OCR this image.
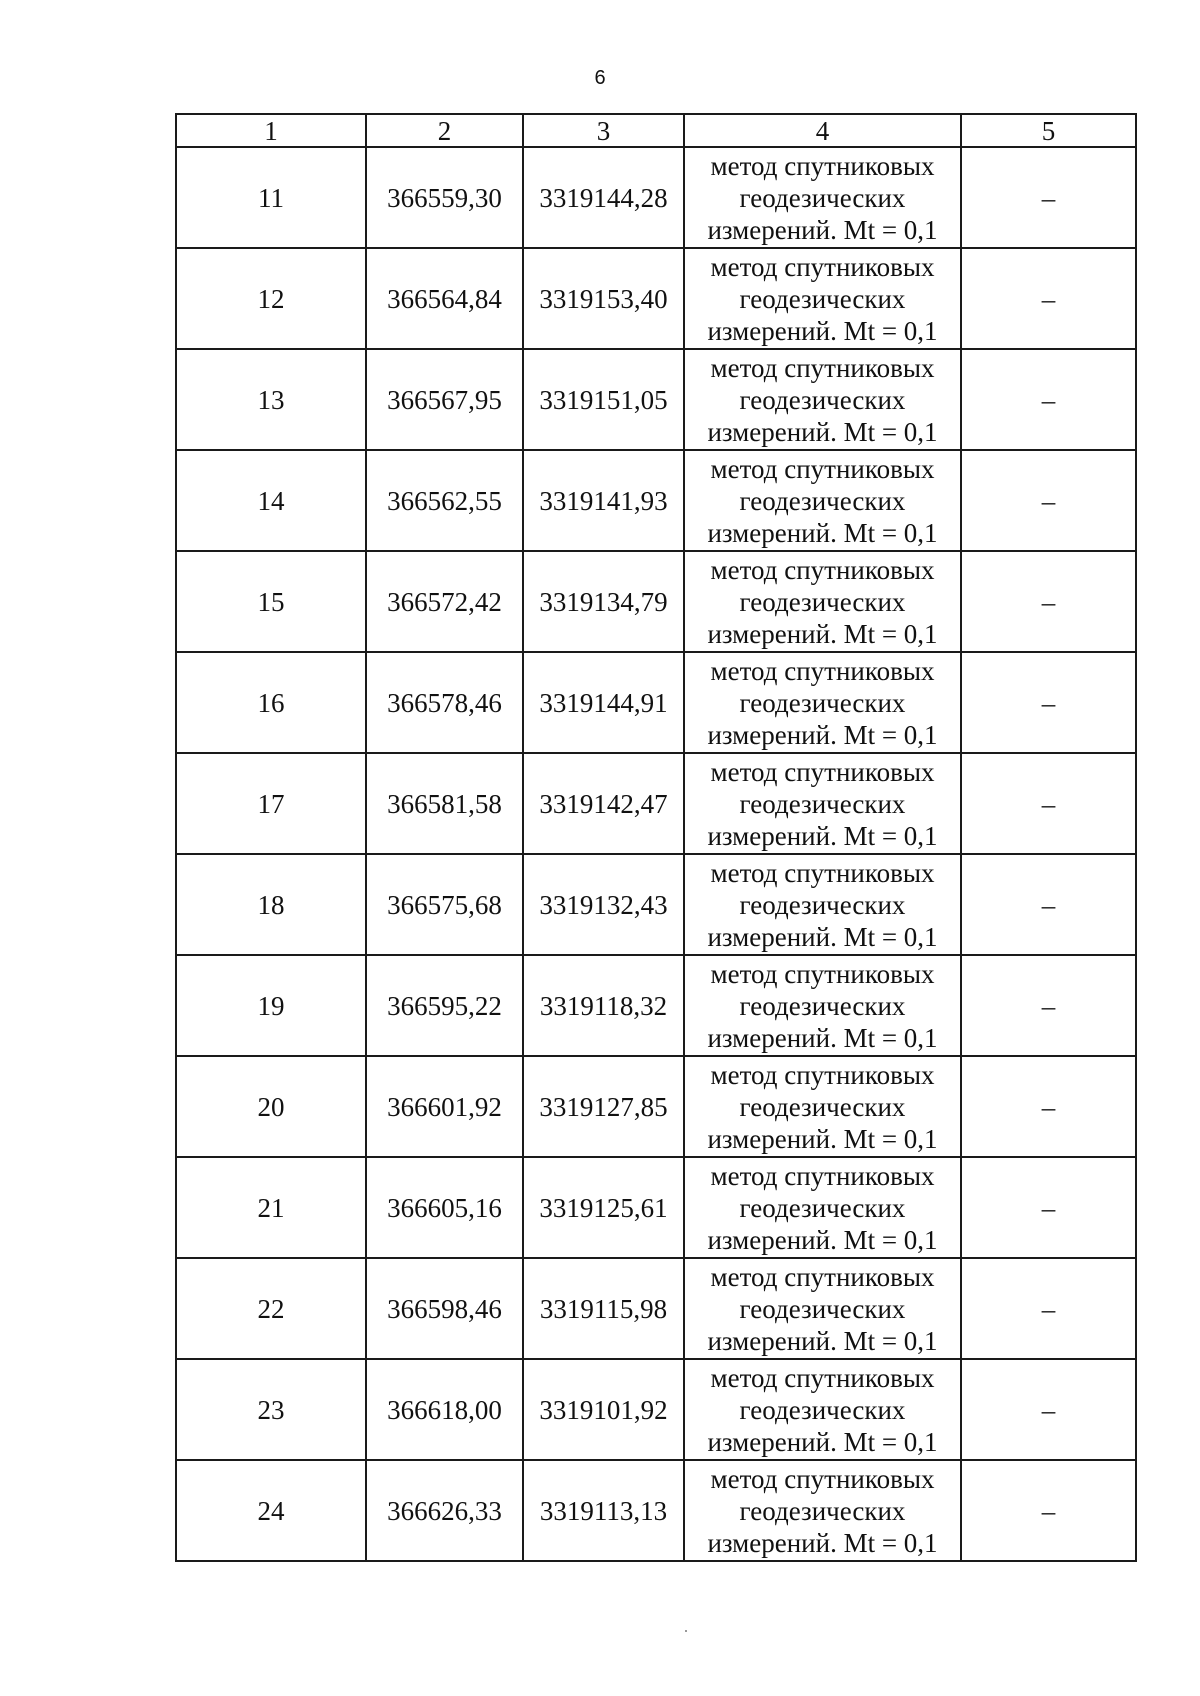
6
1	2	3	4	5
11	366559,30	3319144,28	метод спутниковых
геодезических
измерений. Mt = 0,1	–
12	366564,84	3319153,40	метод спутниковых
геодезических
измерений. Mt = 0,1	–
13	366567,95	3319151,05	метод спутниковых
геодезических
измерений. Mt = 0,1	–
14	366562,55	3319141,93	метод спутниковых
геодезических
измерений. Mt = 0,1	–
15	366572,42	3319134,79	метод спутниковых
геодезических
измерений. Mt = 0,1	–
16	366578,46	3319144,91	метод спутниковых
геодезических
измерений. Mt = 0,1	–
17	366581,58	3319142,47	метод спутниковых
геодезических
измерений. Mt = 0,1	–
18	366575,68	3319132,43	метод спутниковых
геодезических
измерений. Mt = 0,1	–
19	366595,22	3319118,32	метод спутниковых
геодезических
измерений. Mt = 0,1	–
20	366601,92	3319127,85	метод спутниковых
геодезических
измерений. Mt = 0,1	–
21	366605,16	3319125,61	метод спутниковых
геодезических
измерений. Mt = 0,1	–
22	366598,46	3319115,98	метод спутниковых
геодезических
измерений. Mt = 0,1	–
23	366618,00	3319101,92	метод спутниковых
геодезических
измерений. Mt = 0,1	–
24	366626,33	3319113,13	метод спутниковых
геодезических
измерений. Mt = 0,1	–
